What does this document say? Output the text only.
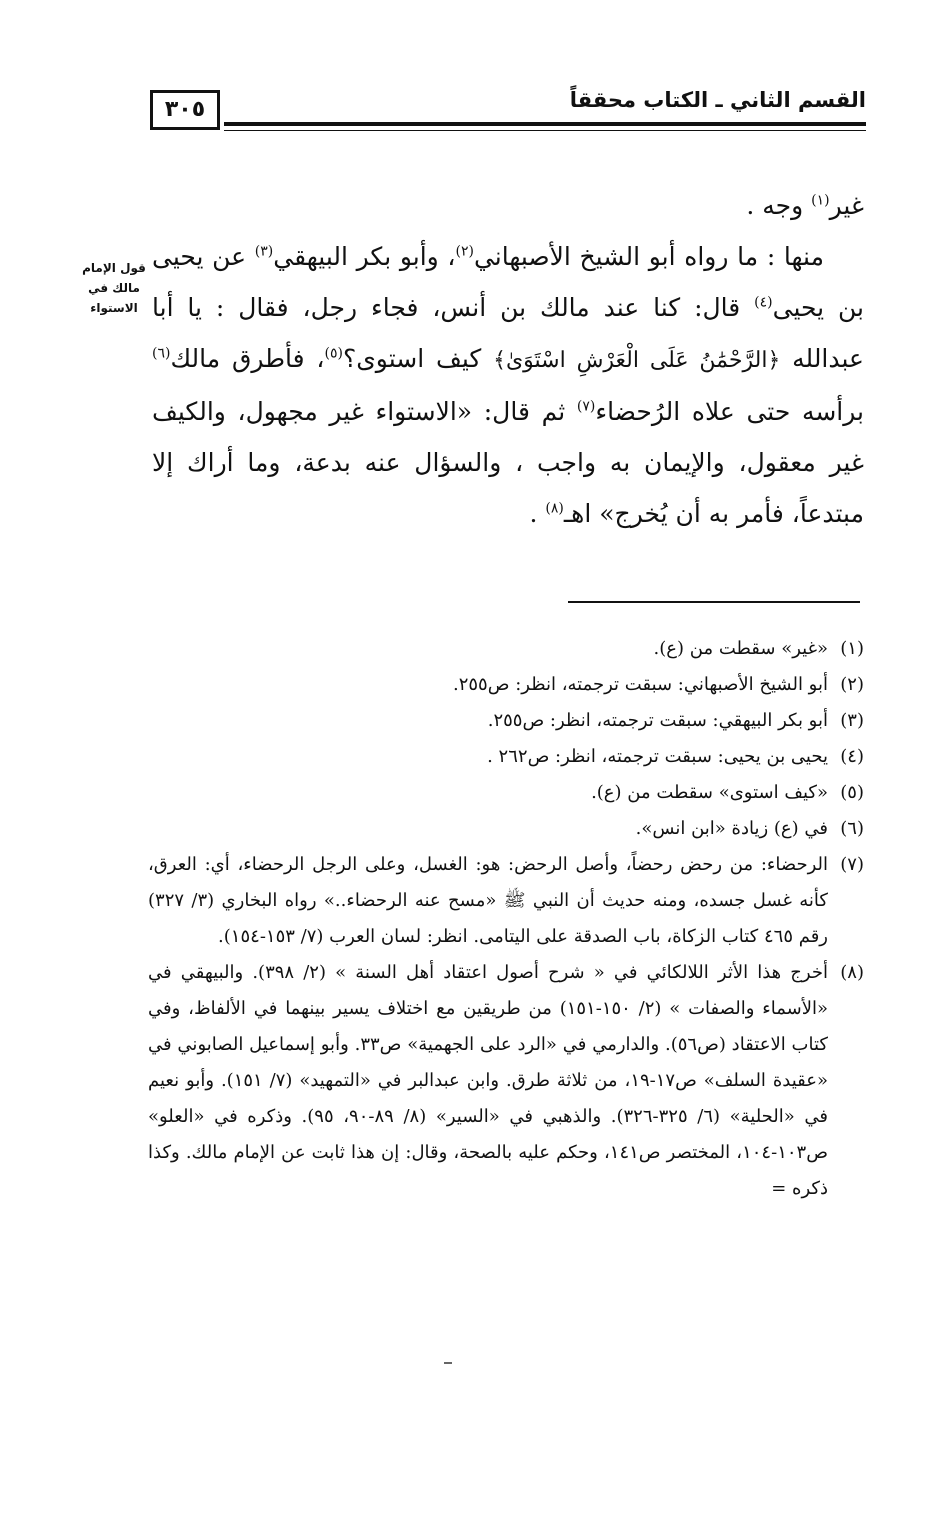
القسم الثاني ـ الكتاب محققاً
٣٠٥
قول الإمام
مالك في
الاستواء

غير$^{(١)}$ وجه .

منها : ما رواه أبو الشيخ الأصبهاني$^{(٢)}$، وأبو بكر البيهقي$^{(٣)}$ عن يحيى بن يحيى$^{(٤)}$ قال: كنا عند مالك بن أنس، فجاء رجل، فقال : يا أبا عبدالله ﴿الرَّحْمَٰنُ عَلَى الْعَرْشِ اسْتَوَىٰ﴾ كيف استوى؟$^{(٥)}$، فأطرق مالك$^{(٦)}$ برأسه حتى علاه الرُحضاء$^{(٧)}$ ثم قال: «الاستواء غير مجهول، والكيف غير معقول، والإيمان به واجب ، والسؤال عنه بدعة، وما أراك إلا مبتدعاً، فأمر به أن يُخرج» اهـ$^{(٨)}$ .

(١)«غير» سقطت من (ع).

(٢)أبو الشيخ الأصبهاني: سبقت ترجمته، انظر: ص٢٥٥.

(٣)أبو بكر البيهقي: سبقت ترجمته، انظر: ص٢٥٥.

(٤)يحيى بن يحيى: سبقت ترجمته، انظر: ص٢٦٢ .

(٥)«كيف استوى» سقطت من (ع).

(٦)في (ع) زيادة «ابن انس».

(٧)الرحضاء: من رحض رحضاً، وأصل الرحض: هو: الغسل، وعلى الرجل الرحضاء، أي: العرق، كأنه غسل جسده، ومنه حديث أن النبي ﷺ «مسح عنه الرحضاء..» رواه البخاري (٣/ ٣٢٧) رقم ٤٦٥ كتاب الزكاة، باب الصدقة على اليتامى. انظر: لسان العرب (٧/ ١٥٣-١٥٤).

(٨)أخرج هذا الأثر اللالكائي في « شرح أصول اعتقاد أهل السنة » (٢/ ٣٩٨). والبيهقي في «الأسماء والصفات » (٢/ ١٥٠-١٥١) من طريقين مع اختلاف يسير بينهما في الألفاظ، وفي كتاب الاعتقاد (ص٥٦). والدارمي في «الرد على الجهمية» ص٣٣. وأبو إسماعيل الصابوني في «عقيدة السلف» ص١٧-١٩، من ثلاثة طرق. وابن عبدالبر في «التمهيد» (٧/ ١٥١). وأبو نعيم في «الحلية» (٦/ ٣٢٥-٣٢٦). والذهبي في «السير» (٨/ ٨٩-٩٠، ٩٥). وذكره في «العلو» ص١٠٣-١٠٤، المختصر ص١٤١، وحكم عليه بالصحة، وقال: إن هذا ثابت عن الإمام مالك. وكذا ذكره =
